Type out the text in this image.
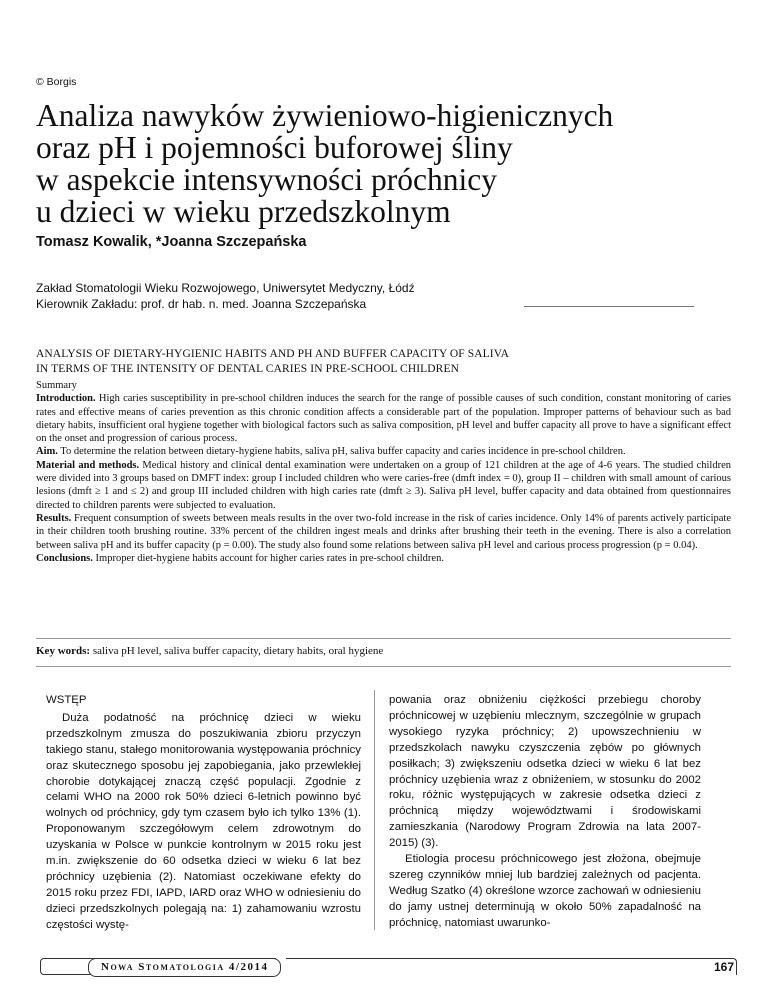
© Borgis
Analiza nawyków żywieniowo-higienicznych
oraz pH i pojemności buforowej śliny
w aspekcie intensywności próchnicy
u dzieci w wieku przedszkolnym
Tomasz Kowalik, *Joanna Szczepańska
Zakład Stomatologii Wieku Rozwojowego, Uniwersytet Medyczny, Łódź
Kierownik Zakładu: prof. dr hab. n. med. Joanna Szczepańska
ANALYSIS OF DIETARY-HYGIENIC HABITS AND PH AND BUFFER CAPACITY OF SALIVA
IN TERMS OF THE INTENSITY OF DENTAL CARIES IN PRE-SCHOOL CHILDREN

Summary

Introduction. High caries susceptibility in pre-school children induces the search for the range of possible causes of such condition, constant monitoring of caries rates and effective means of caries prevention as this chronic condition affects a considerable part of the population. Improper patterns of behaviour such as bad dietary habits, insufficient oral hygiene together with biological factors such as saliva composition, pH level and buffer capacity all prove to have a significant effect on the onset and progression of carious process.

Aim. To determine the relation between dietary-hygiene habits, saliva pH, saliva buffer capacity and caries incidence in pre-school children.

Material and methods. Medical history and clinical dental examination were undertaken on a group of 121 children at the age of 4-6 years. The studied children were divided into 3 groups based on DMFT index: group I included children who were caries-free (dmft index = 0), group II – children with small amount of carious lesions (dmft ≥ 1 and ≤ 2) and group III included children with high caries rate (dmft ≥ 3). Saliva pH level, buffer capacity and data obtained from questionnaires directed to children parents were subjected to evaluation.

Results. Frequent consumption of sweets between meals results in the over two-fold increase in the risk of caries incidence. Only 14% of parents actively participate in their children tooth brushing routine. 33% percent of the children ingest meals and drinks after brushing their teeth in the evening. There is also a correlation between saliva pH and its buffer capacity (p = 0.00). The study also found some relations between saliva pH level and carious process progression (p = 0.04).

Conclusions. Improper diet-hygiene habits account for higher caries rates in pre-school children.

Key words: saliva pH level, saliva buffer capacity, dietary habits, oral hygiene
WSTĘP

Duża podatność na próchnicę dzieci w wieku przedszkolnym zmusza do poszukiwania zbioru przyczyn takiego stanu, stałego monitorowania występowania próchnicy oraz skutecznego sposobu jej zapobiegania, jako przewlekłej chorobie dotykającej znaczą część populacji. Zgodnie z celami WHO na 2000 rok 50% dzieci 6-letnich powinno być wolnych od próchnicy, gdy tym czasem było ich tylko 13% (1). Proponowanym szczegółowym celem zdrowotnym do uzyskania w Polsce w punkcie kontrolnym w 2015 roku jest m.in. zwiększenie do 60 odsetka dzieci w wieku 6 lat bez próchnicy uzębienia (2). Natomiast oczekiwane efekty do 2015 roku przez FDI, IAPD, IARD oraz WHO w odniesieniu do dzieci przedszkolnych polegają na: 1) zahamowaniu wzrostu częstości wystę-

powania oraz obniżeniu ciężkości przebiegu choroby próchnicowej w uzębieniu mlecznym, szczególnie w grupach wysokiego ryzyka próchnicy; 2) upowszechnieniu w przedszkolach nawyku czyszczenia zębów po głównych posiłkach; 3) zwiększeniu odsetka dzieci w wieku 6 lat bez próchnicy uzębienia wraz z obniżeniem, w stosunku do 2002 roku, różnic występujących w zakresie odsetka dzieci z próchnicą między województwami i środowiskami zamieszkania (Narodowy Program Zdrowia na lata 2007-2015) (3).

Etiologia procesu próchnicowego jest złożona, obejmuje szereg czynników mniej lub bardziej zależnych od pacjenta. Według Szatko (4) określone wzorce zachowań w odniesieniu do jamy ustnej determinują w około 50% zapadalność na próchnicę, natomiast uwarunko-

Nowa Stomatologia 4/2014	167
